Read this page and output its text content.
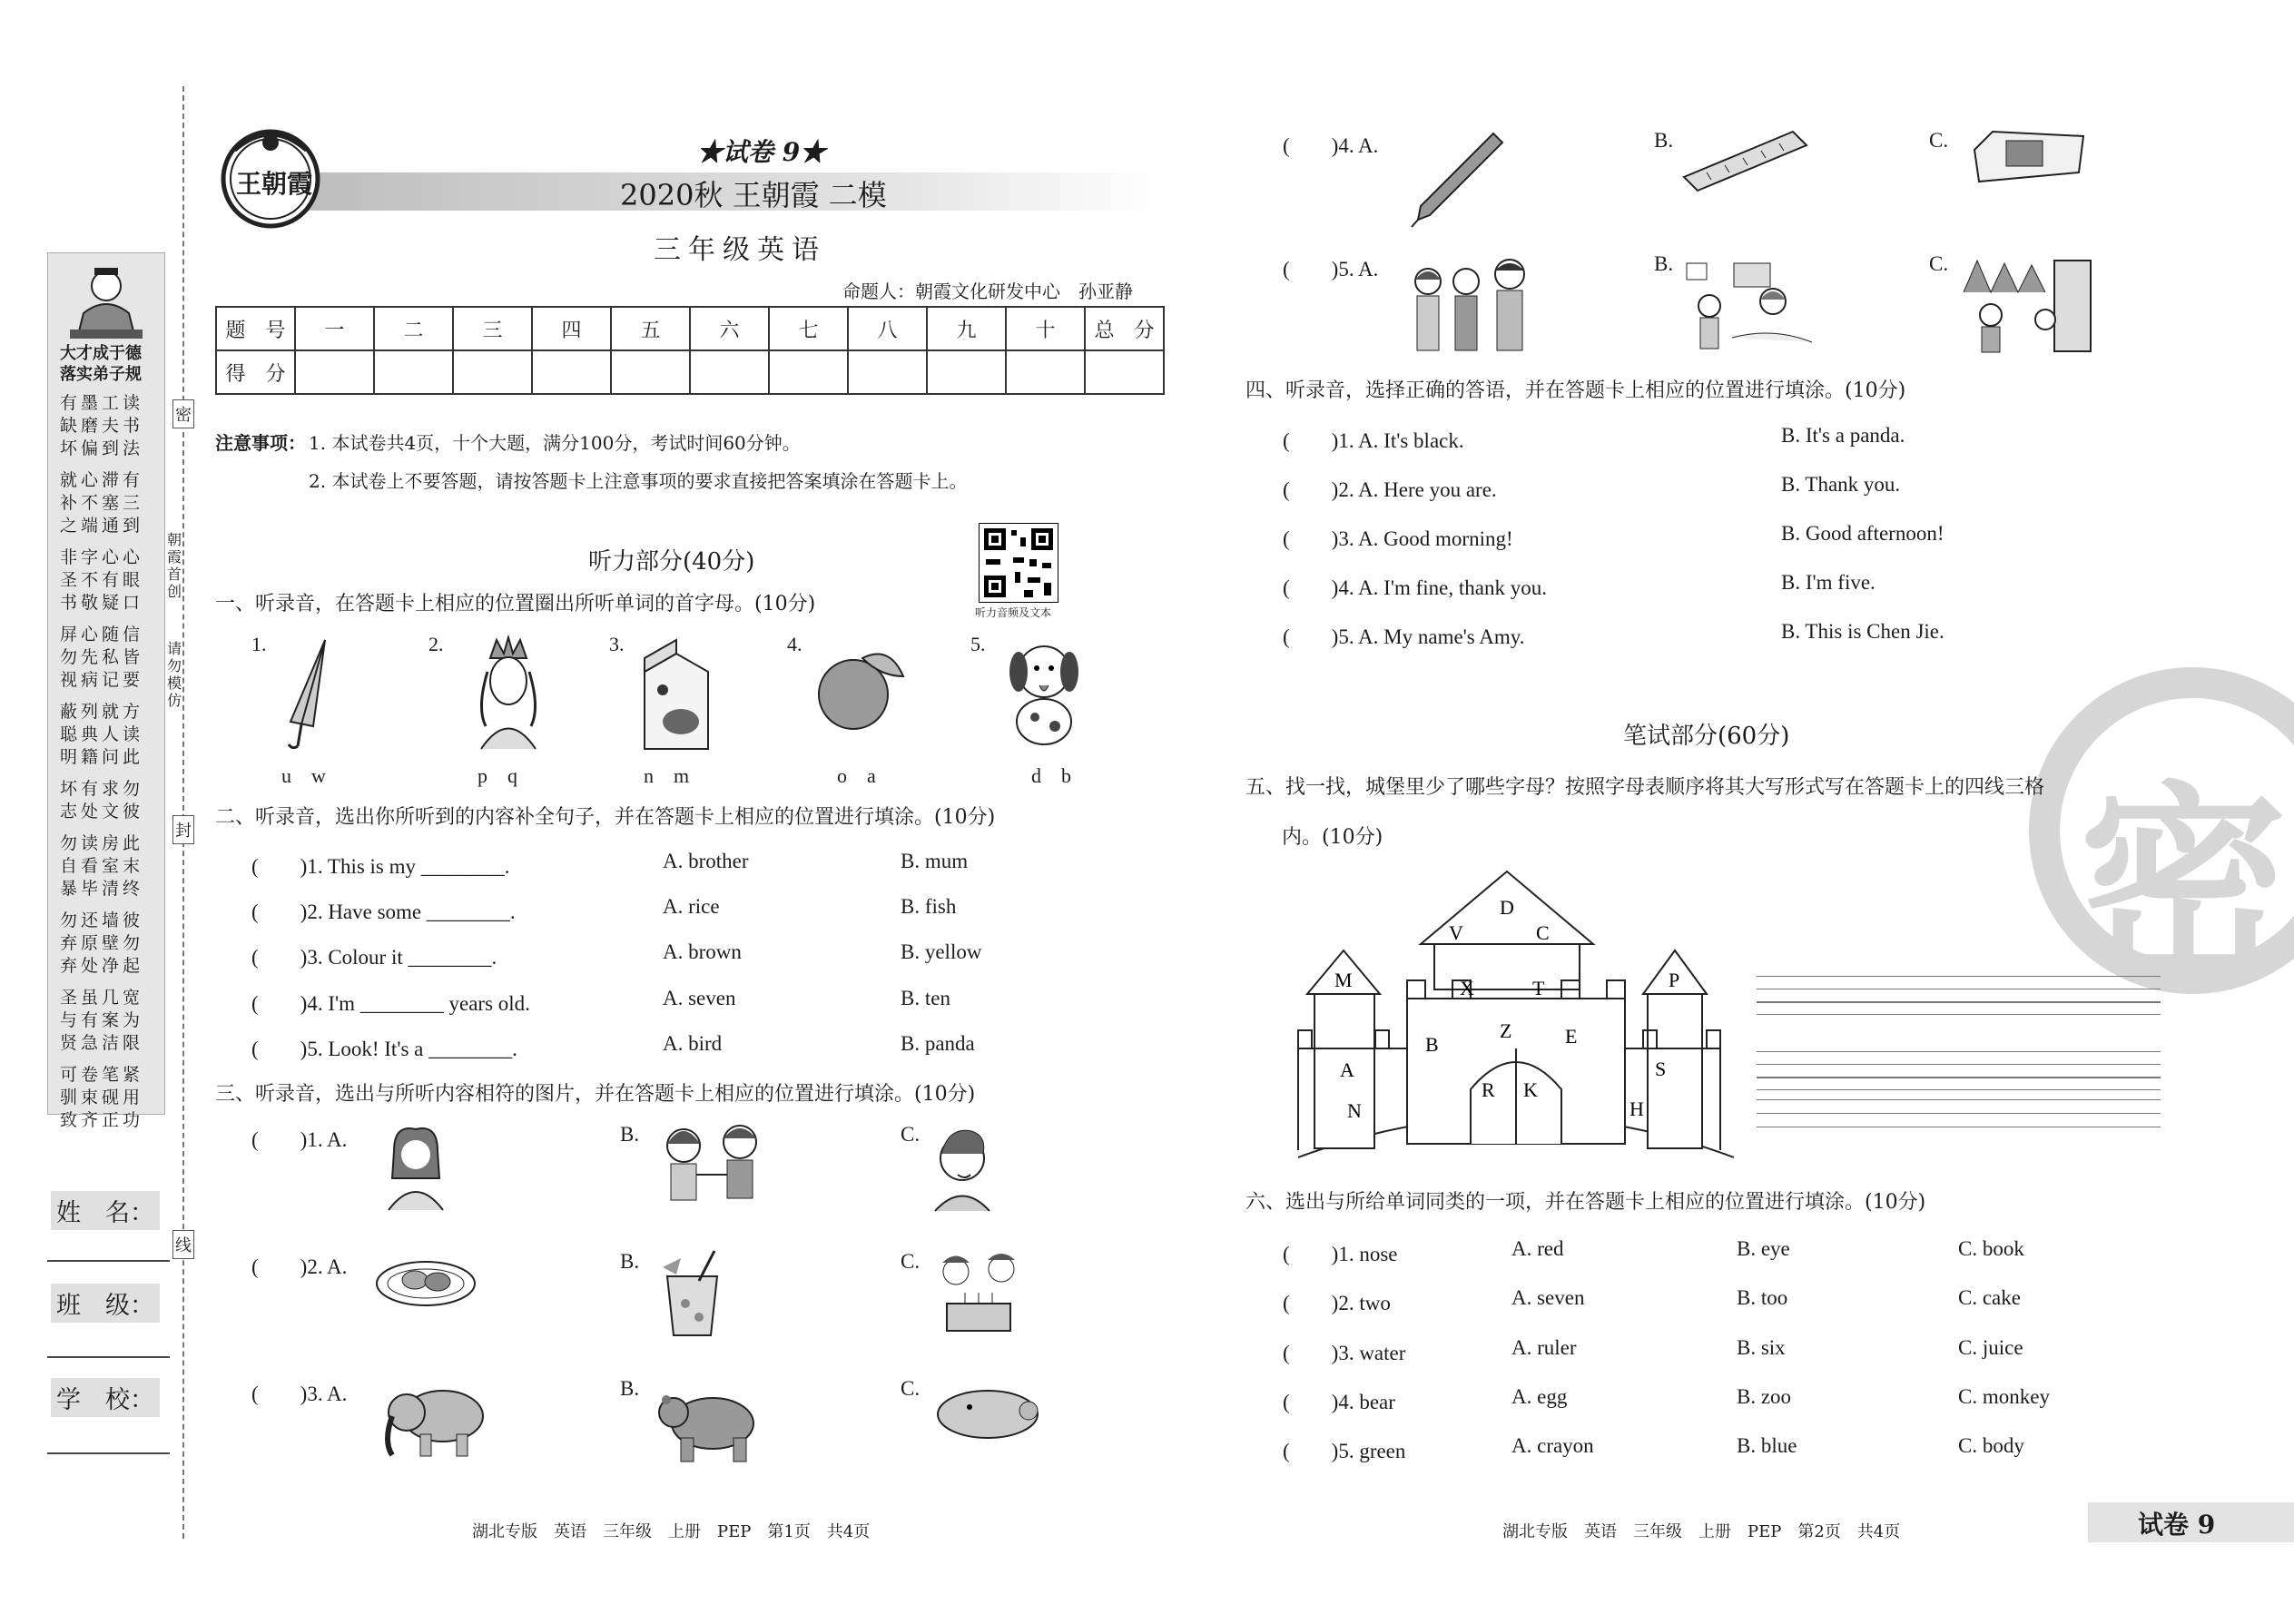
大才成于德
落实弟子规
有墨工读
缺磨夫书
坏偏到法
就心滞有
补不塞三
之端通到
非字心心
圣不有眼
书敬疑口
屏心随信
勿先私皆
视病记要
蔽列就方
聪典人读
明籍问此
坏有求勿
志处文彼
勿读房此
自看室末
暴毕清终
勿还墙彼
弃原壁勿
弃处净起
圣虽几宽
与有案为
贤急洁限
可卷笔紧
驯束砚用
致齐正功
密
封
线
朝霞首创
请勿模仿
姓　名：
班　级：
学　校：
王朝霞
★试卷 9★
2020秋 王朝霞 二模
三年级英语
命题人：朝霞文化研发中心　孙亚静
题　号	一	二	三	四	五	六	七	八	九	十	总　分
得　分											
注意事项： 1. 本试卷共4页，十个大题，满分100分，考试时间60分钟。
2. 本试卷上不要答题，请按答题卡上注意事项的要求直接把答案填涂在答题卡上。
听力部分(40分)
听力音频及文本
一、听录音，在答题卡上相应的位置圈出所听单词的首字母。(10分)
1.	2.	3.	4.	5.
u　w	p　q	n　m	o　a	d　b
二、听录音，选出你所听到的内容补全句子，并在答题卡上相应的位置进行填涂。(10分)
(　　)1. This is my ________.	A. brother	B. mum
(　　)2. Have some ________.	A. rice	B. fish
(　　)3. Colour it ________.	A. brown	B. yellow
(　　)4. I'm ________ years old.	A. seven	B. ten
(　　)5. Look! It's a ________.	A. bird	B. panda
三、听录音，选出与所听内容相符的图片，并在答题卡上相应的位置进行填涂。(10分)
(　　)1. A.	B.	C.
(　　)2. A.	B.	C.
(　　)3. A.	B.	C.
(　　)4. A.	B.	C.
(　　)5. A.	B.	C.
四、听录音，选择正确的答语，并在答题卡上相应的位置进行填涂。(10分)
(　　)1. A. It's black.	B. It's a panda.
(　　)2. A. Here you are.	B. Thank you.
(　　)3. A. Good morning!	B. Good afternoon!
(　　)4. A. I'm fine, thank you.	B. I'm five.
(　　)5. A. My name's Amy.	B. This is Chen Jie.
密
笔试部分(60分)
五、找一找，城堡里少了哪些字母？按照字母表顺序将其大写形式写在答题卡上的四线三格
内。(10分)
D
V	C
M	P
X	T
Z
B	E
A
R K
S
N	H
六、选出与所给单词同类的一项，并在答题卡上相应的位置进行填涂。(10分)
(　　)1. nose	A. red	B. eye	C. book
(　　)2. two	A. seven	B. too	C. cake
(　　)3. water	A. ruler	B. six	C. juice
(　　)4. bear	A. egg	B. zoo	C. monkey
(　　)5. green	A. crayon	B. blue	C. body
湖北专版　英语　三年级　上册　PEP　第1页　共4页	湖北专版　英语　三年级　上册　PEP　第2页　共4页	试卷 9
